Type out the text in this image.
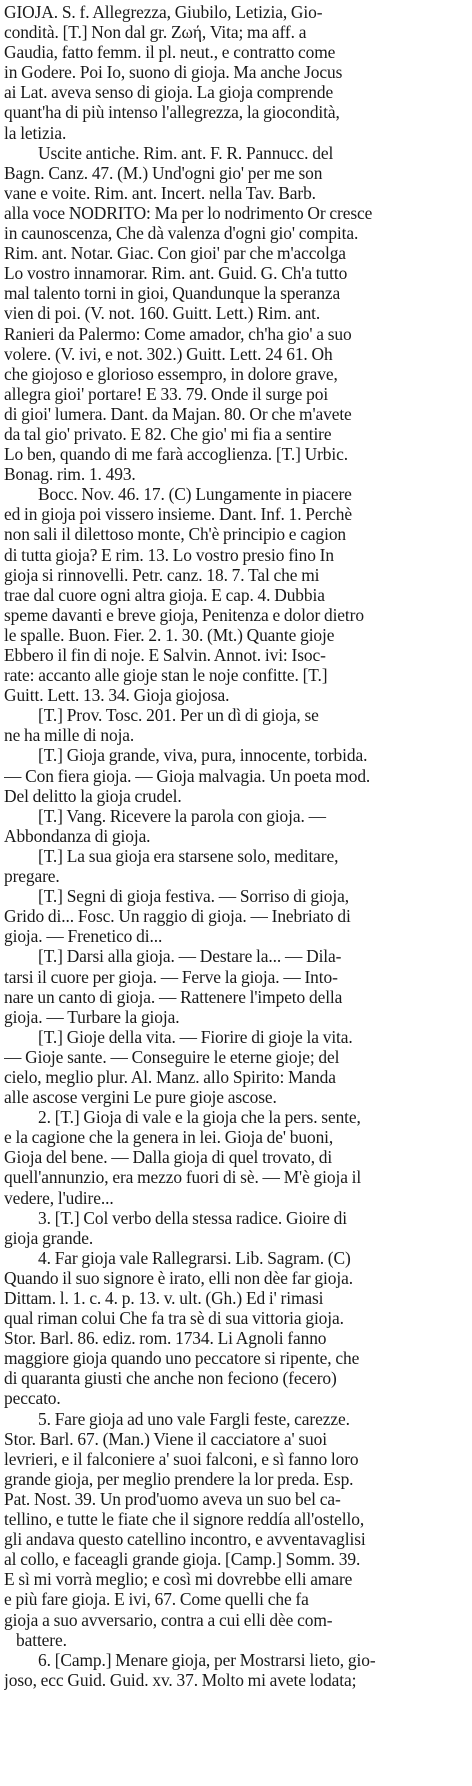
GIOJA. S. f. Allegrezza, Giubilo, Letizia, Gio-
condità. [T.] Non dal gr. Ζωή, Vita; ma aff. a
Gaudia, fatto femm. il pl. neut., e contratto come
in Godere. Poi Io, suono di gioja. Ma anche Jocus
ai Lat. aveva senso di gioja. La gioja comprende
quant'ha di più intenso l'allegrezza, la giocondità,
la letizia.
Uscite antiche. Rim. ant. F. R. Pannucc. del
Bagn. Canz. 47. (M.) Und'ogni gio' per me son
vane e voite. Rim. ant. Incert. nella Tav. Barb.
alla voce NODRITO: Ma per lo nodrimento Or cresce
in caunoscenza, Che dà valenza d'ogni gio' compita.
Rim. ant. Notar. Giac. Con gioi' par che m'accolga
Lo vostro innamorar. Rim. ant. Guid. G. Ch'a tutto
mal talento torni in gioi, Quandunque la speranza
vien di poi. (V. not. 160. Guitt. Lett.) Rim. ant.
Ranieri da Palermo: Come amador, ch'ha gio' a suo
volere. (V. ivi, e not. 302.) Guitt. Lett. 24 61. Oh
che giojoso e glorioso essempro, in dolore grave,
allegra gioi' portare! E 33. 79. Onde il surge poi
di gioi' lumera. Dant. da Majan. 80. Or che m'avete
da tal gio' privato. E 82. Che gio' mi fia a sentire
Lo ben, quando di me farà accoglienza. [T.] Urbic.
Bonag. rim. 1. 493.
Bocc. Nov. 46. 17. (C) Lungamente in piacere
ed in gioja poi vissero insieme. Dant. Inf. 1. Perchè
non sali il dilettoso monte, Ch'è principio e cagion
di tutta gioja? E rim. 13. Lo vostro presio fino In
gioja si rinnovelli. Petr. canz. 18. 7. Tal che mi
trae dal cuore ogni altra gioja. E cap. 4. Dubbia
speme davanti e breve gioja, Penitenza e dolor dietro
le spalle. Buon. Fier. 2. 1. 30. (Mt.) Quante gioje
Ebbero il fin di noje. E Salvin. Annot. ivi: Isoc-
rate: accanto alle gioje stan le noje confitte. [T.]
Guitt. Lett. 13. 34. Gioja giojosa.
[T.] Prov. Tosc. 201. Per un dì di gioja, se
ne ha mille di noja.
[T.] Gioja grande, viva, pura, innocente, torbida.
— Con fiera gioja. — Gioja malvagia. Un poeta mod.
Del delitto la gioja crudel.
[T.] Vang. Ricevere la parola con gioja. —
Abbondanza di gioja.
[T.] La sua gioja era starsene solo, meditare,
pregare.
[T.] Segni di gioja festiva. — Sorriso di gioja,
Grido di... Fosc. Un raggio di gioja. — Inebriato di
gioja. — Frenetico di...
[T.] Darsi alla gioja. — Destare la... — Dila-
tarsi il cuore per gioja. — Ferve la gioja. — Into-
nare un canto di gioja. — Rattenere l'impeto della
gioja. — Turbare la gioja.
[T.] Gioje della vita. — Fiorire di gioje la vita.
— Gioje sante. — Conseguire le eterne gioje; del
cielo, meglio plur. Al. Manz. allo Spirito: Manda
alle ascose vergini Le pure gioje ascose.
2. [T.] Gioja di vale e la gioja che la pers. sente,
e la cagione che la genera in lei. Gioja de' buoni,
Gioja del bene. — Dalla gioja di quel trovato, di
quell'annunzio, era mezzo fuori di sè. — M'è gioja il
vedere, l'udire...
3. [T.] Col verbo della stessa radice. Gioire di
gioja grande.
4. Far gioja vale Rallegrarsi. Lib. Sagram. (C)
Quando il suo signore è irato, elli non dèe far gioja.
Dittam. l. 1. c. 4. p. 13. v. ult. (Gh.) Ed i' rimasi
qual riman colui Che fa tra sè di sua vittoria gioja.
Stor. Barl. 86. ediz. rom. 1734. Li Agnoli fanno
maggiore gioja quando uno peccatore si ripente, che
di quaranta giusti che anche non feciono (fecero)
peccato.
5. Fare gioja ad uno vale Fargli feste, carezze.
Stor. Barl. 67. (Man.) Viene il cacciatore a' suoi
levrieri, e il falconiere a' suoi falconi, e sì fanno loro
grande gioja, per meglio prendere la lor preda. Esp.
Pat. Nost. 39. Un prod'uomo aveva un suo bel ca-
tellino, e tutte le fiate che il signore reddía all'ostello,
gli andava questo catellino incontro, e avventavaglisi
al collo, e faceagli grande gioja. [Camp.] Somm. 39.
E sì mi vorrà meglio; e così mi dovrebbe elli amare
e più fare gioja. E ivi, 67. Come quelli che fa
gioja a suo avversario, contra a cui elli dèe com-
battere.
6. [Camp.] Menare gioja, per Mostrarsi lieto, gio-
joso, ecc Guid. Guid. xv. 37. Molto mi avete lodata;
